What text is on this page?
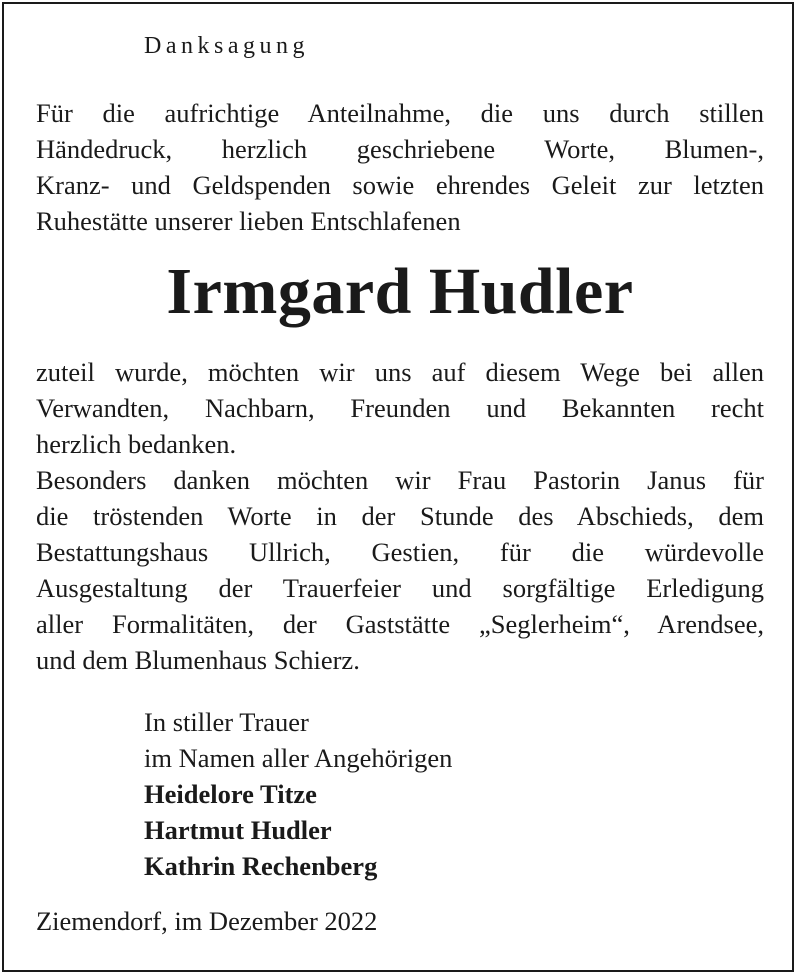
Danksagung
Für die aufrichtige Anteilnahme, die uns durch stillen
Händedruck, herzlich geschriebene Worte, Blumen-,
Kranz- und Geldspenden sowie ehrendes Geleit zur letzten
Ruhestätte unserer lieben Entschlafenen
Irmgard Hudler
zuteil wurde, möchten wir uns auf diesem Wege bei allen
Verwandten, Nachbarn, Freunden und Bekannten recht
herzlich bedanken.
Besonders danken möchten wir Frau Pastorin Janus für
die tröstenden Worte in der Stunde des Abschieds, dem
Bestattungshaus Ullrich, Gestien, für die würdevolle
Ausgestaltung der Trauerfeier und sorgfältige Erledigung
aller Formalitäten, der Gaststätte „Seglerheim“, Arendsee,
und dem Blumenhaus Schierz.
In stiller Trauer
im Namen aller Angehörigen
Heidelore Titze
Hartmut Hudler
Kathrin Rechenberg
Ziemendorf, im Dezember 2022
